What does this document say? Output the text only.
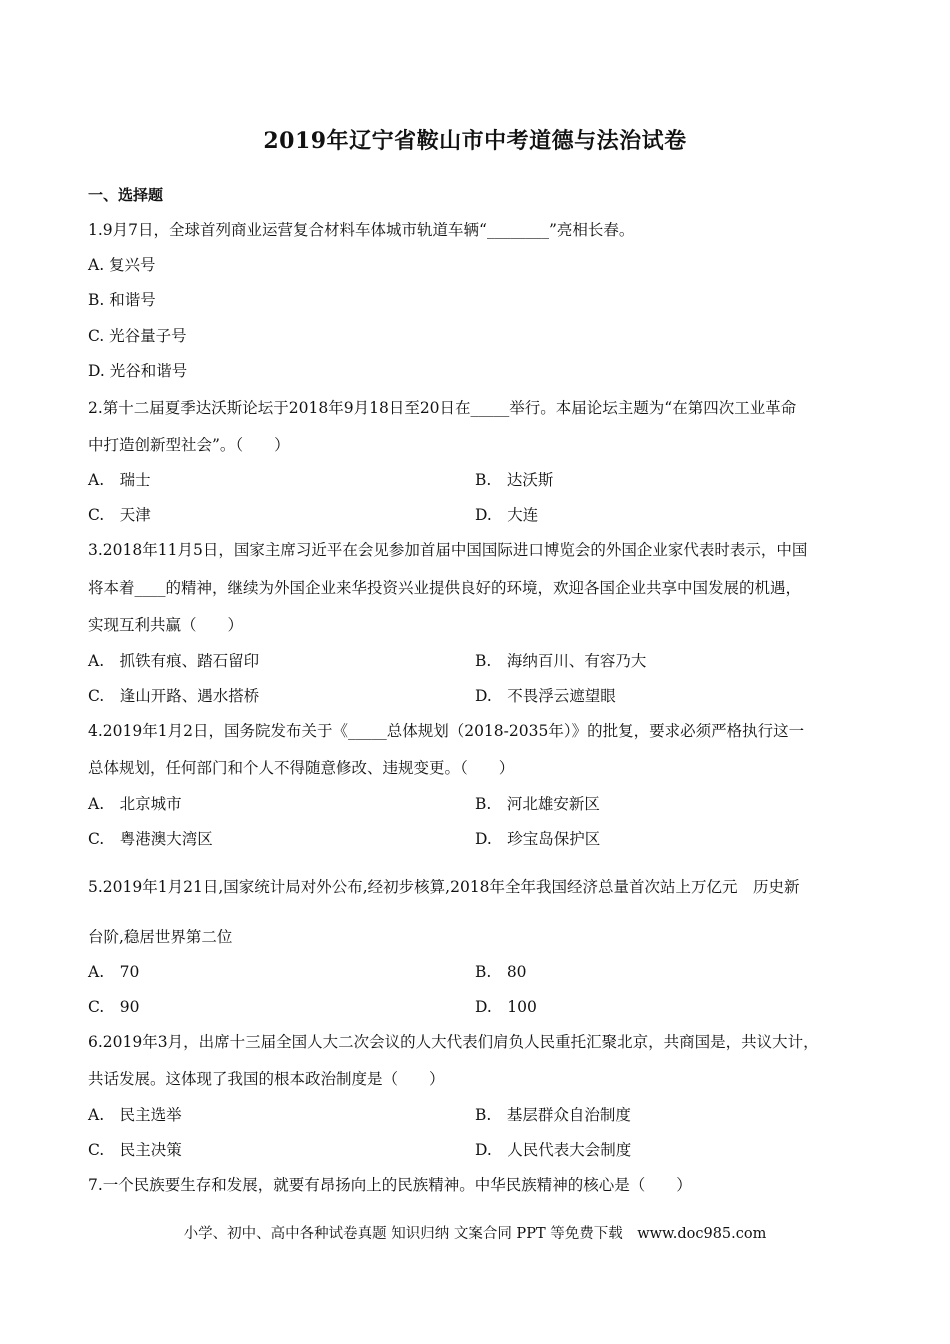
2019年辽宁省鞍山市中考道德与法治试卷
一、选择题
1.9月7日，全球首列商业运营复合材料车体城市轨道车辆“________”亮相长春。
A. 复兴号
B. 和谐号
C. 光谷量子号
D. 光谷和谐号
2.第十二届夏季达沃斯论坛于2018年9月18日至20日在_____举行。本届论坛主题为“在第四次工业革命
中打造创新型社会”。（　　）
A.　瑞士	B.　达沃斯
C.　天津	D.　大连
3.2018年11月5日，国家主席习近平在会见参加首届中国国际进口博览会的外国企业家代表时表示，中国
将本着____的精神，继续为外国企业来华投资兴业提供良好的环境，欢迎各国企业共享中国发展的机遇，
实现互利共赢（　　）
A.　抓铁有痕、踏石留印	B.　海纳百川、有容乃大
C.　逢山开路、遇水搭桥	D.　不畏浮云遮望眼
4.2019年1月2日，国务院发布关于《_____总体规划（2018-2035年）》的批复，要求必须严格执行这一
总体规划，任何部门和个人不得随意修改、违规变更。（　　）
A.　北京城市	B.　河北雄安新区
C.　粤港澳大湾区	D.　珍宝岛保护区
5.2019年1月21日,国家统计局对外公布,经初步核算,2018年全年我国经济总量首次站上万亿元　历史新
台阶,稳居世界第二位
A.　70	B.　80
C.　90	D.　100
6.2019年3月，出席十三届全国人大二次会议的人大代表们肩负人民重托汇聚北京，共商国是，共议大计，
共话发展。这体现了我国的根本政治制度是（　　）
A.　民主选举	B.　基层群众自治制度
C.　民主决策	D.　人民代表大会制度
7.一个民族要生存和发展，就要有昂扬向上的民族精神。中华民族精神的核心是（　　）
小学、初中、高中各种试卷真题 知识归纳 文案合同 PPT 等免费下载　www.doc985.com
